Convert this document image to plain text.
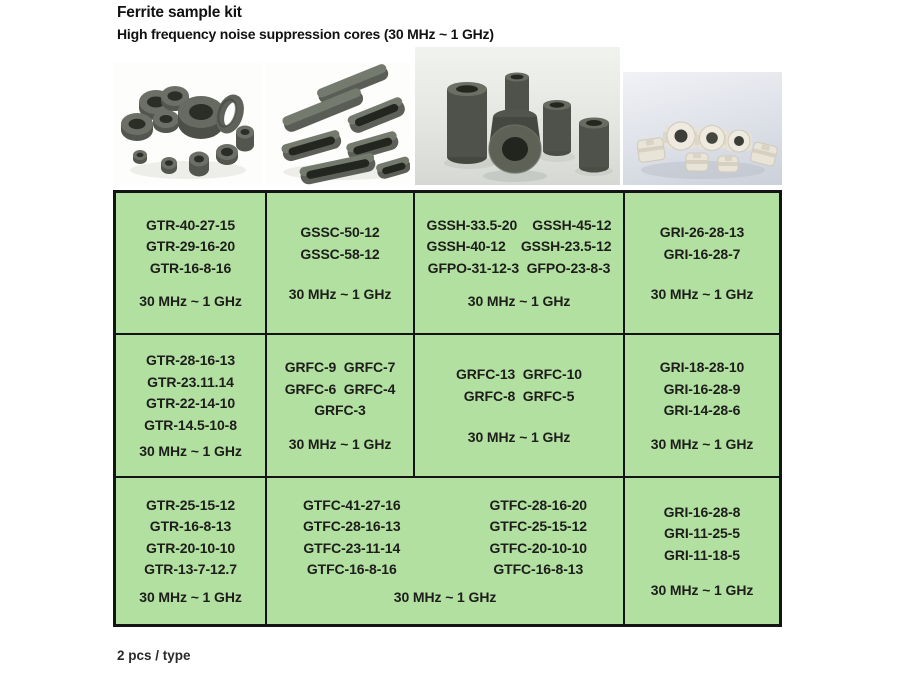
Ferrite sample kit
High frequency noise suppression cores (30 MHz ~ 1 GHz)
GTR-40-27-15
GTR-29-16-20
GTR-16-8-16
30 MHz ~ 1 GHz
GSSC-50-12
GSSC-58-12
30 MHz ~ 1 GHz
GSSH-33.5-20    GSSH-45-12
GSSH-40-12    GSSH-23.5-12
GFPO-31-12-3  GFPO-23-8-3
30 MHz ~ 1 GHz
GRI-26-28-13
GRI-16-28-7
30 MHz ~ 1 GHz
GTR-28-16-13
GTR-23.11.14
GTR-22-14-10
GTR-14.5-10-8
30 MHz ~ 1 GHz
GRFC-9  GRFC-7
GRFC-6  GRFC-4
GRFC-3
30 MHz ~ 1 GHz
GRFC-13  GRFC-10
GRFC-8  GRFC-5
30 MHz ~ 1 GHz
GRI-18-28-10
GRI-16-28-9
GRI-14-28-6
30 MHz ~ 1 GHz
GTR-25-15-12
GTR-16-8-13
GTR-20-10-10
GTR-13-7-12.7
30 MHz ~ 1 GHz
GTFC-41-27-16
GTFC-28-16-13
GTFC-23-11-14
GTFC-16-8-16
GTFC-28-16-20
GTFC-25-15-12
GTFC-20-10-10
GTFC-16-8-13
30 MHz ~ 1 GHz
GRI-16-28-8
GRI-11-25-5
GRI-11-18-5
30 MHz ~ 1 GHz
2 pcs / type
